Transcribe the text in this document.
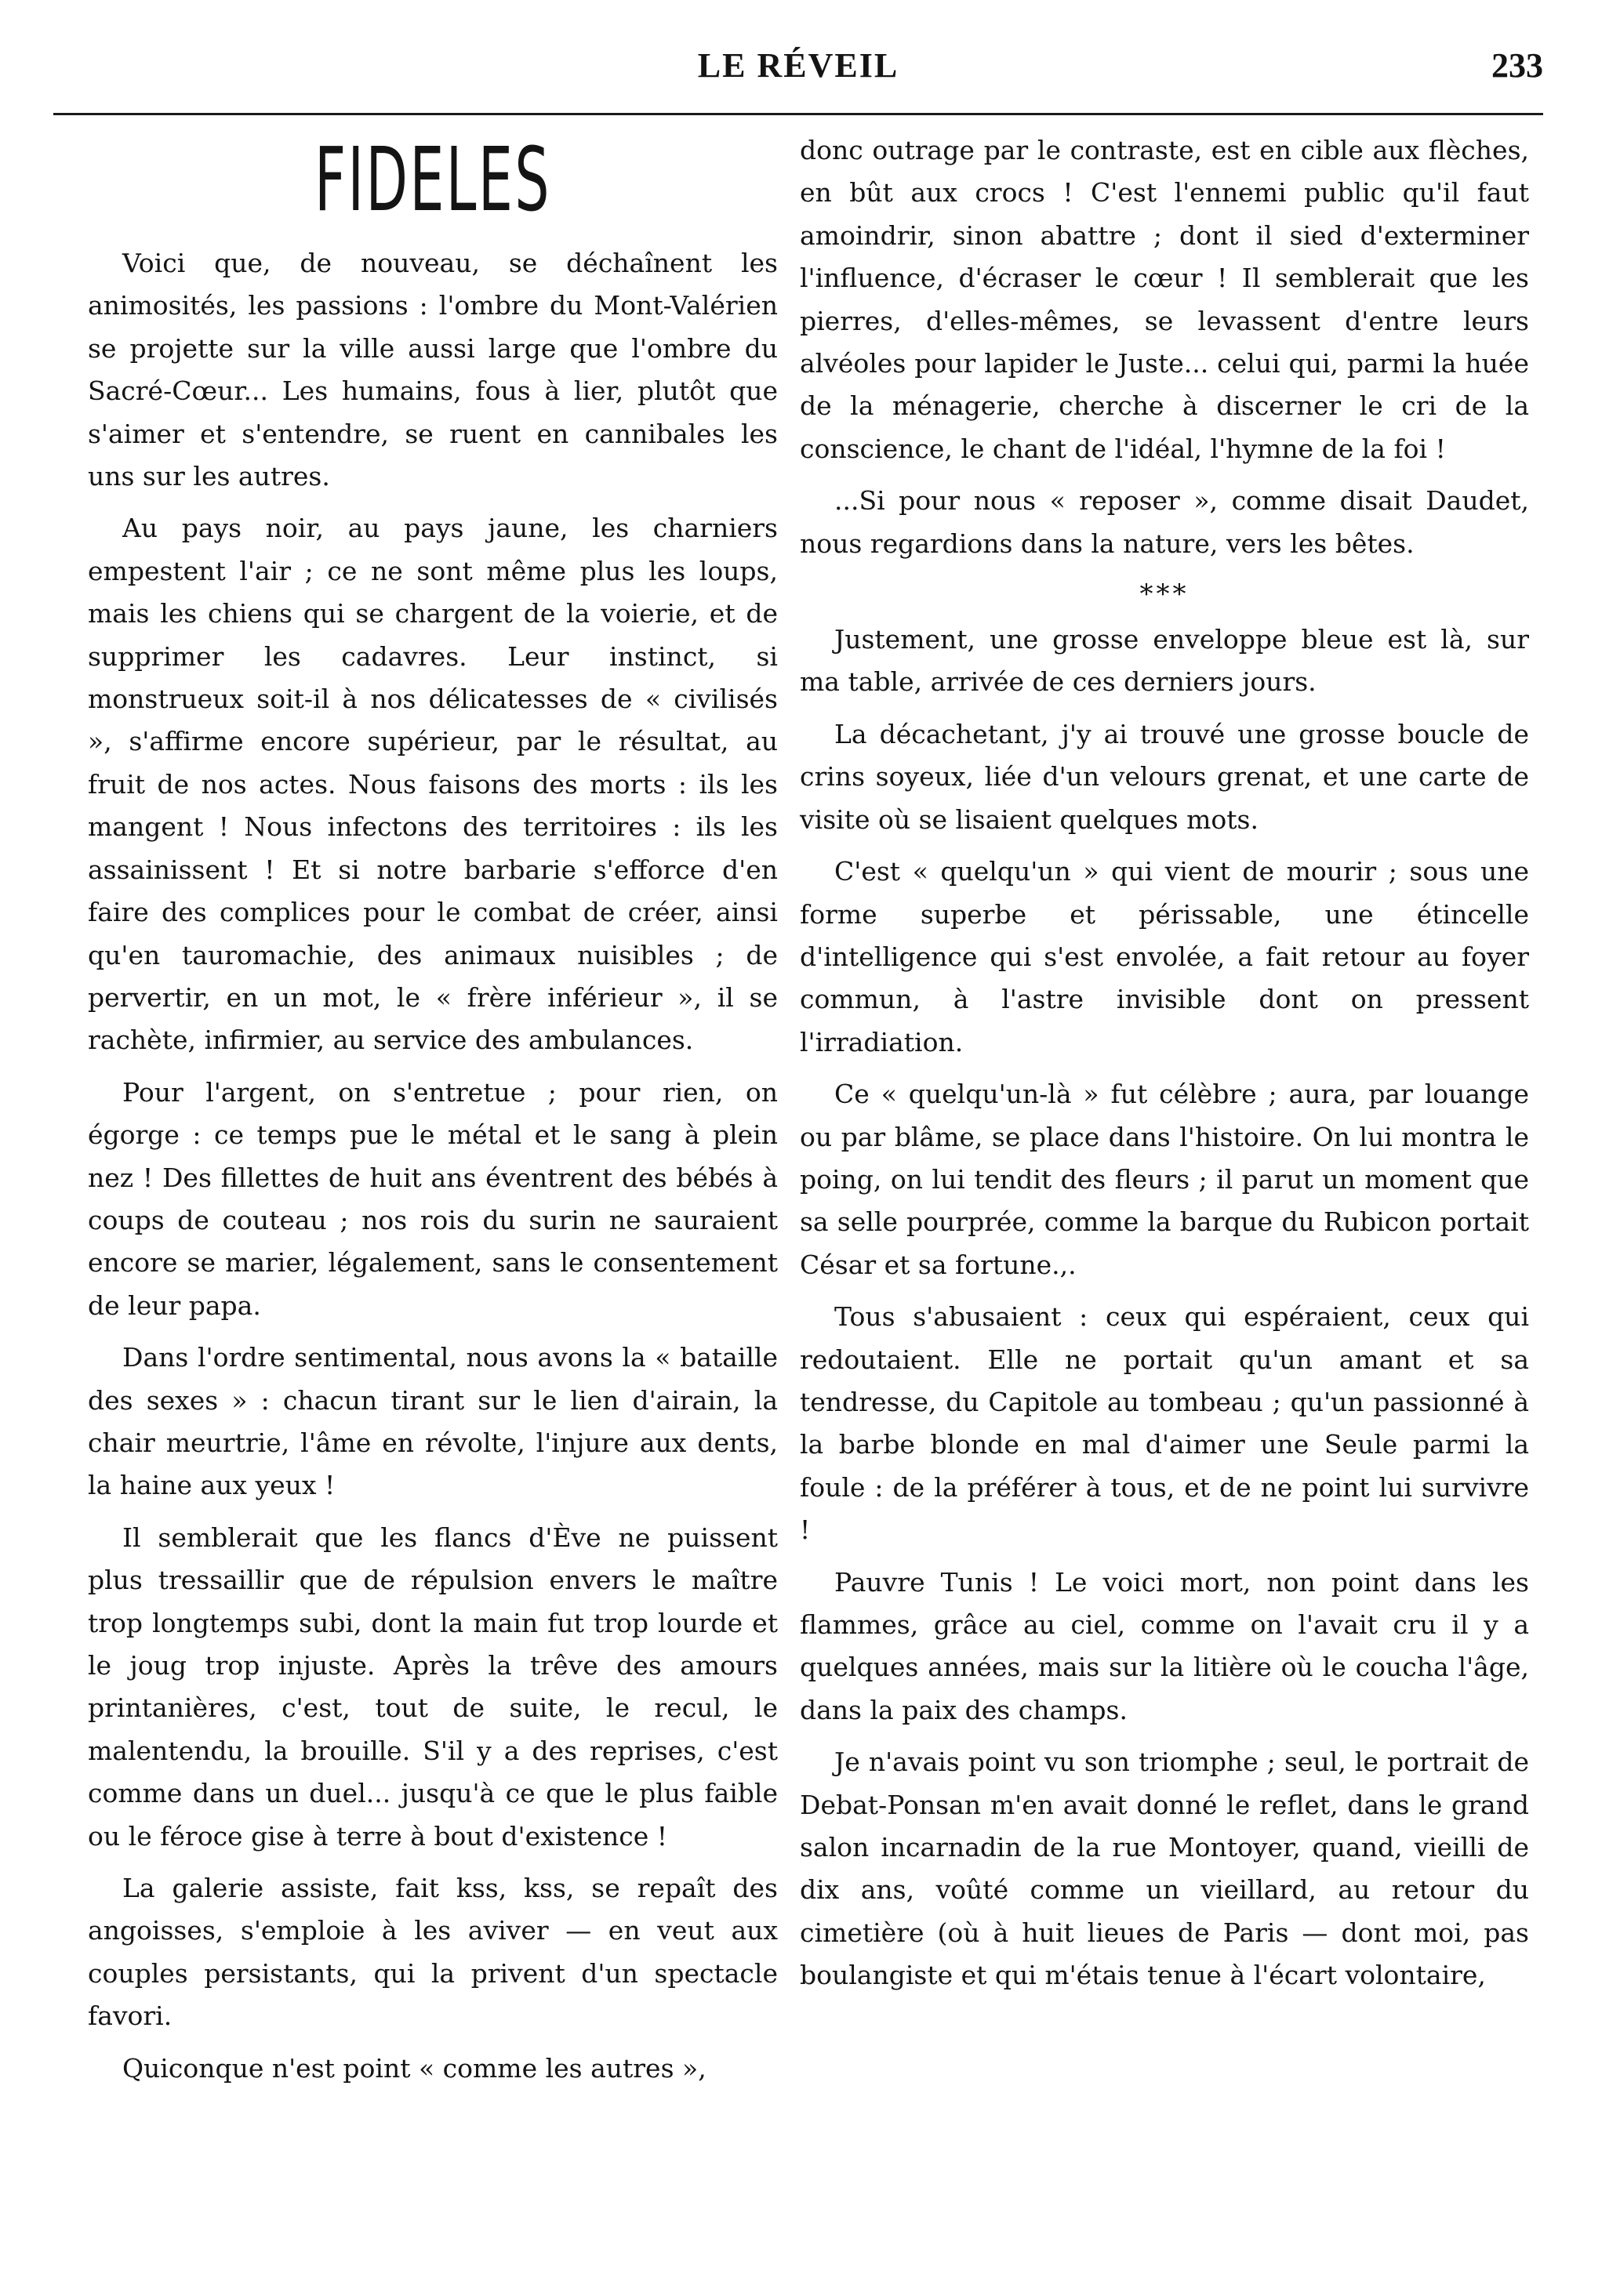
LE RÉVEIL	233
FIDELES

Voici que, de nouveau, se déchaînent les animosités, les passions : l'ombre du Mont-Valérien se projette sur la ville aussi large que l'ombre du Sacré-Cœur... Les humains, fous à lier, plutôt que s'aimer et s'entendre, se ruent en cannibales les uns sur les autres.

Au pays noir, au pays jaune, les charniers empestent l'air ; ce ne sont même plus les loups, mais les chiens qui se chargent de la voierie, et de supprimer les cadavres. Leur instinct, si monstrueux soit-il à nos délicatesses de « civilisés », s'affirme encore supérieur, par le résultat, au fruit de nos actes. Nous faisons des morts : ils les mangent ! Nous infectons des territoires : ils les assainissent ! Et si notre barbarie s'efforce d'en faire des complices pour le combat de créer, ainsi qu'en tauromachie, des animaux nuisibles ; de pervertir, en un mot, le « frère inférieur », il se rachète, infirmier, au service des ambulances.

Pour l'argent, on s'entretue ; pour rien, on égorge : ce temps pue le métal et le sang à plein nez ! Des fillettes de huit ans éventrent des bébés à coups de couteau ; nos rois du surin ne sauraient encore se marier, légalement, sans le consentement de leur papa.

Dans l'ordre sentimental, nous avons la « bataille des sexes » : chacun tirant sur le lien d'airain, la chair meurtrie, l'âme en révolte, l'injure aux dents, la haine aux yeux !

Il semblerait que les flancs d'Ève ne puissent plus tressaillir que de répulsion envers le maître trop longtemps subi, dont la main fut trop lourde et le joug trop injuste. Après la trêve des amours printanières, c'est, tout de suite, le recul, le malentendu, la brouille. S'il y a des reprises, c'est comme dans un duel... jusqu'à ce que le plus faible ou le féroce gise à terre à bout d'existence !

La galerie assiste, fait kss, kss, se repaît des angoisses, s'emploie à les aviver — en veut aux couples persistants, qui la privent d'un spectacle favori.

Quiconque n'est point « comme les autres »,

donc outrage par le contraste, est en cible aux flèches, en bût aux crocs ! C'est l'ennemi public qu'il faut amoindrir, sinon abattre ; dont il sied d'exterminer l'influence, d'écraser le cœur ! Il semblerait que les pierres, d'elles-mêmes, se levassent d'entre leurs alvéoles pour lapider le Juste... celui qui, parmi la huée de la ménagerie, cherche à discerner le cri de la conscience, le chant de l'idéal, l'hymne de la foi !

...Si pour nous « reposer », comme disait Daudet, nous regardions dans la nature, vers les bêtes.

***

Justement, une grosse enveloppe bleue est là, sur ma table, arrivée de ces derniers jours.

La décachetant, j'y ai trouvé une grosse boucle de crins soyeux, liée d'un velours grenat, et une carte de visite où se lisaient quelques mots.

C'est « quelqu'un » qui vient de mourir ; sous une forme superbe et périssable, une étincelle d'intelligence qui s'est envolée, a fait retour au foyer commun, à l'astre invisible dont on pressent l'irradiation.

Ce « quelqu'un-là » fut célèbre ; aura, par louange ou par blâme, se place dans l'histoire. On lui montra le poing, on lui tendit des fleurs ; il parut un moment que sa selle pourprée, comme la barque du Rubicon portait César et sa fortune.,.

Tous s'abusaient : ceux qui espéraient, ceux qui redoutaient. Elle ne portait qu'un amant et sa tendresse, du Capitole au tombeau ; qu'un passionné à la barbe blonde en mal d'aimer une Seule parmi la foule : de la préférer à tous, et de ne point lui survivre !

Pauvre Tunis ! Le voici mort, non point dans les flammes, grâce au ciel, comme on l'avait cru il y a quelques années, mais sur la litière où le coucha l'âge, dans la paix des champs.

Je n'avais point vu son triomphe ; seul, le portrait de Debat-Ponsan m'en avait donné le reflet, dans le grand salon incarnadin de la rue Montoyer, quand, vieilli de dix ans, voûté comme un vieillard, au retour du cimetière (où à huit lieues de Paris — dont moi, pas boulangiste et qui m'étais tenue à l'écart volontaire,
